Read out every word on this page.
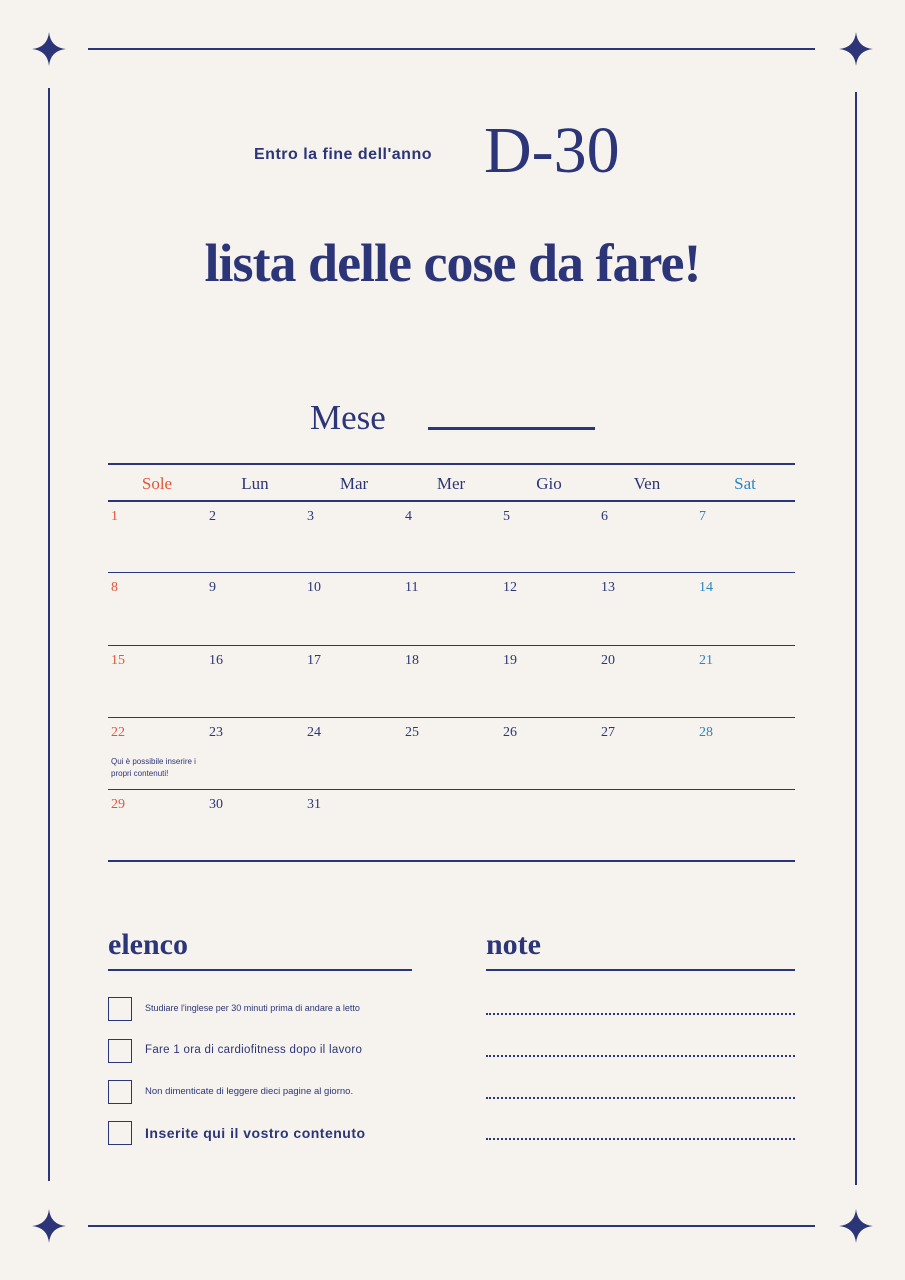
Entro la fine dell'anno D-30
lista delle cose da fare!
Mese
Sole	Lun	Mar	Mer	Gio	Ven	Sat
1	2	3	4	5	6	7
8	9	10	11	12	13	14
15	16	17	18	19	20	21
22	23	24	25	26	27	28
Qui è possibile inserire i propri contenuti!
29	30	31
elenco
Studiare l'inglese per 30 minuti prima di andare a letto
Fare 1 ora di cardiofitness dopo il lavoro
Non dimenticate di leggere dieci pagine al giorno.
Inserite qui il vostro contenuto
note
